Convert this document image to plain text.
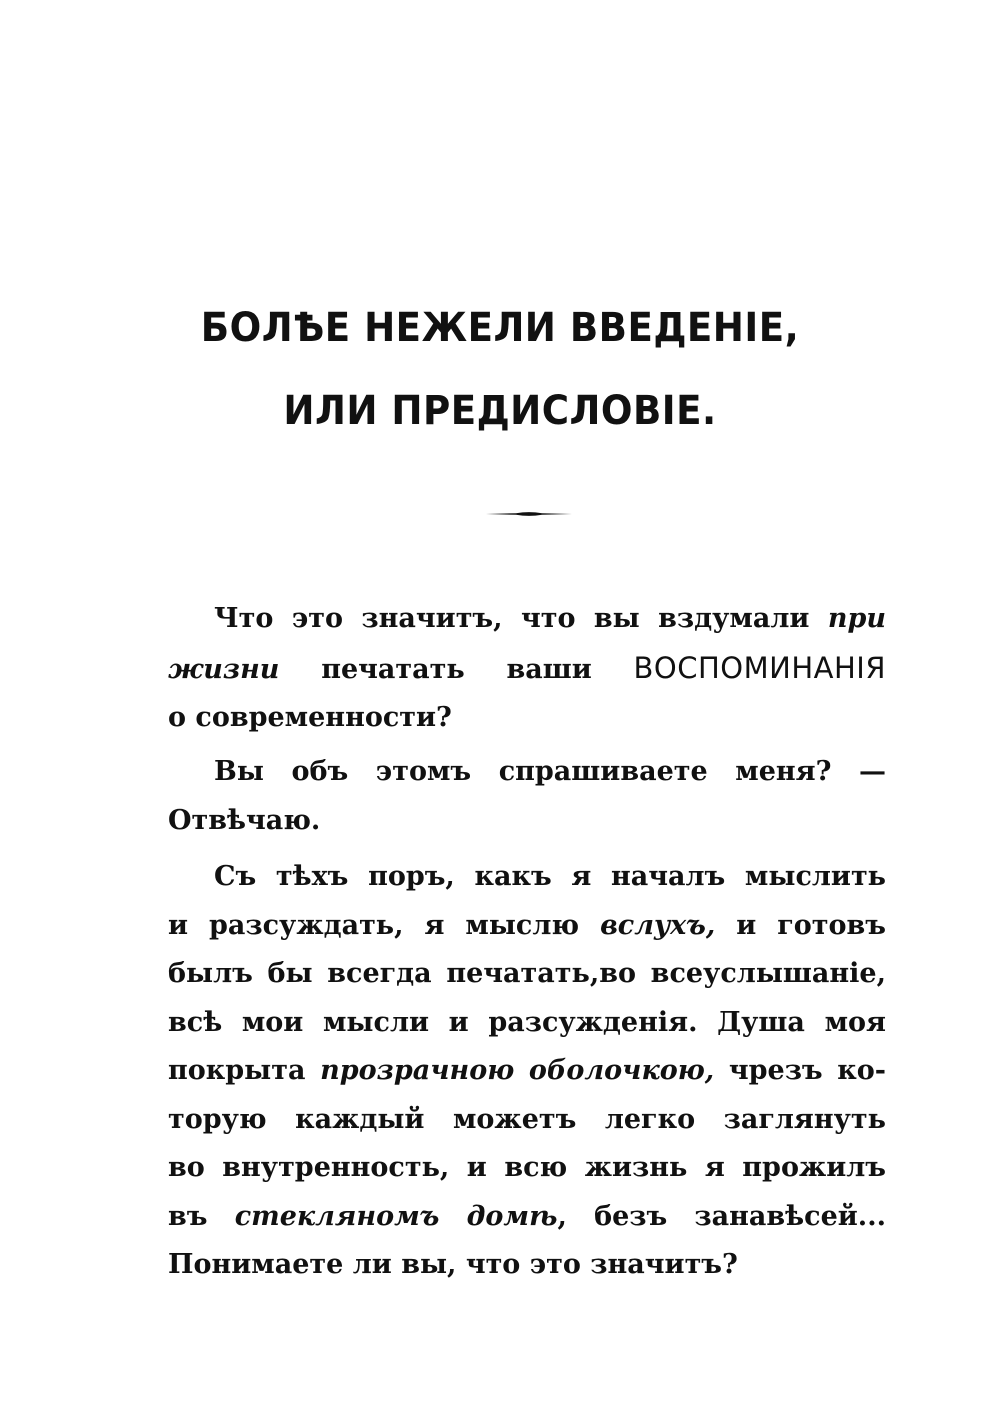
БОЛѢЕ НЕЖЕЛИ ВВЕДЕНІЕ,
ИЛИ ПРЕДИСЛОВІЕ.
Что это значитъ, что вы вздумали при
жизни печатать ваши ВОСПОМИНАНІЯ
о современности?
Вы объ этомъ спрашиваете меня? —
Отвѣчаю.
Съ тѣхъ поръ, какъ я началъ мыслить
и разсуждать, я мыслю вслухъ, и готовъ
былъ бы всегда печатать,во всеуслышаніе,
всѣ мои мысли и разсужденія. Душа моя
покрыта прозрачною оболочкою, чрезъ ко-
торую каждый можетъ легко заглянуть
во внутренность, и всю жизнь я прожилъ
въ стекляномъ домѣ, безъ занавѣсей...
Понимаете ли вы, что это значитъ?
